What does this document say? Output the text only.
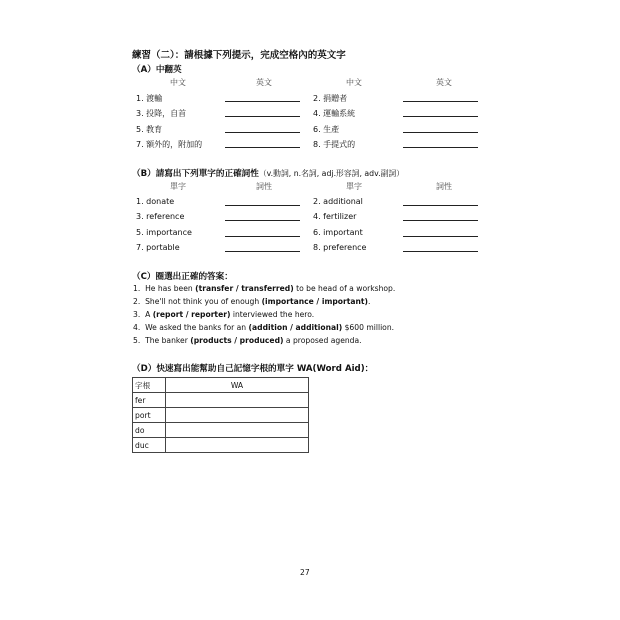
練習（二）：請根據下列提示，完成空格內的英文字
（A）中翻英
中文	英文	中文	英文
1. 渡輸	2. 捐贈者
3. 投降，自首	4. 運輸系統
5. 教育	6. 生產
7. 額外的，附加的	8. 手提式的
（B）請寫出下列單字的正確詞性（v.動詞, n.名詞, adj.形容詞, adv.副詞）
單字	詞性	單字	詞性
1. donate	2. additional
3. reference	4. fertilizer
5. importance	6. important
7. portable	8. preference
（C）圈選出正確的答案：
1. He has been (transfer / transferred) to be head of a workshop.
2. She'll not think you of enough (importance / important).
3. A (report / reporter) interviewed the hero.
4. We asked the banks for an (addition / additional) $600 million.
5. The banker (products / produced) a proposed agenda.
（D）快速寫出能幫助自己記憶字根的單字 WA(Word Aid)：
字根	WA
fer	
port	
do	
duc	
27
